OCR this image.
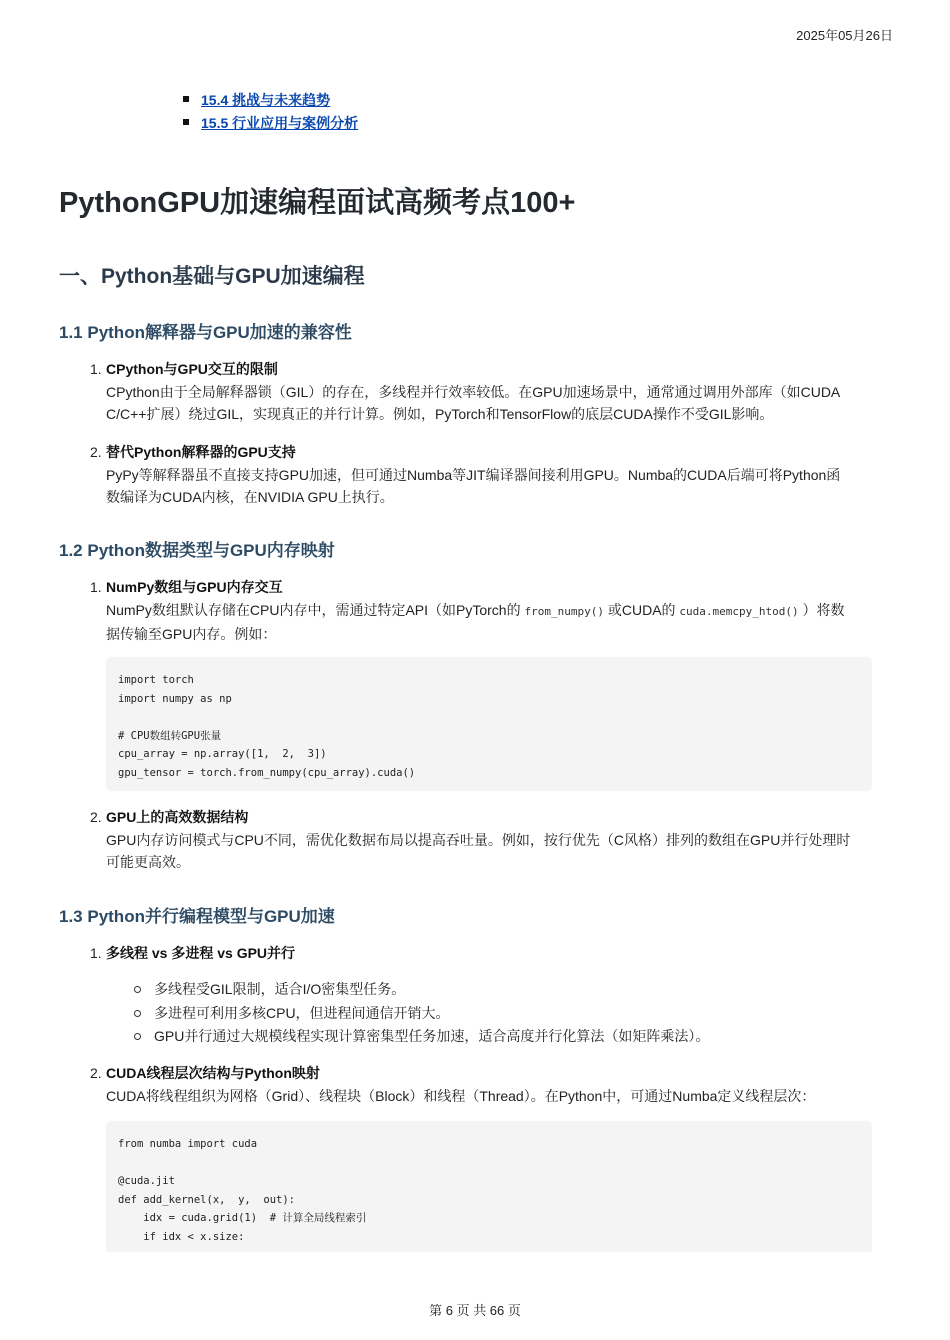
2025年05月26日
15.4 挑战与未来趋势
15.5 行业应用与案例分析
PythonGPU加速编程面试高频考点100+
一、Python基础与GPU加速编程
1.1 Python解释器与GPU加速的兼容性
1. CPython与GPU交互的限制
CPython由于全局解释器锁（GIL）的存在，多线程并行效率较低。在GPU加速场景中，通常通过调用外部库（如CUDA
C/C++扩展）绕过GIL，实现真正的并行计算。例如，PyTorch和TensorFlow的底层CUDA操作不受GIL影响。
2. 替代Python解释器的GPU支持
PyPy等解释器虽不直接支持GPU加速，但可通过Numba等JIT编译器间接利用GPU。Numba的CUDA后端可将Python函
数编译为CUDA内核，在NVIDIA GPU上执行。
1.2 Python数据类型与GPU内存映射
1. NumPy数组与GPU内存交互
NumPy数组默认存储在CPU内存中，需通过特定API（如PyTorch的 from_numpy() 或CUDA的 cuda.memcpy_htod() ）将数
据传输至GPU内存。例如：
import torch
import numpy as np

# CPU数组转GPU张量
cpu_array = np.array([1,  2,  3])
gpu_tensor = torch.from_numpy(cpu_array).cuda()
2. GPU上的高效数据结构
GPU内存访问模式与CPU不同，需优化数据布局以提高吞吐量。例如，按行优先（C风格）排列的数组在GPU并行处理时
可能更高效。
1.3 Python并行编程模型与GPU加速
1. 多线程 vs 多进程 vs GPU并行
多线程受GIL限制，适合I/O密集型任务。
多进程可利用多核CPU，但进程间通信开销大。
GPU并行通过大规模线程实现计算密集型任务加速，适合高度并行化算法（如矩阵乘法）。
2. CUDA线程层次结构与Python映射
CUDA将线程组织为网格（Grid）、线程块（Block）和线程（Thread）。在Python中，可通过Numba定义线程层次：
from numba import cuda

@cuda.jit
def add_kernel(x,  y,  out):
idx = cuda.grid(1)  # 计算全局线程索引
if idx < x.size:
第 6 页 共 66 页
